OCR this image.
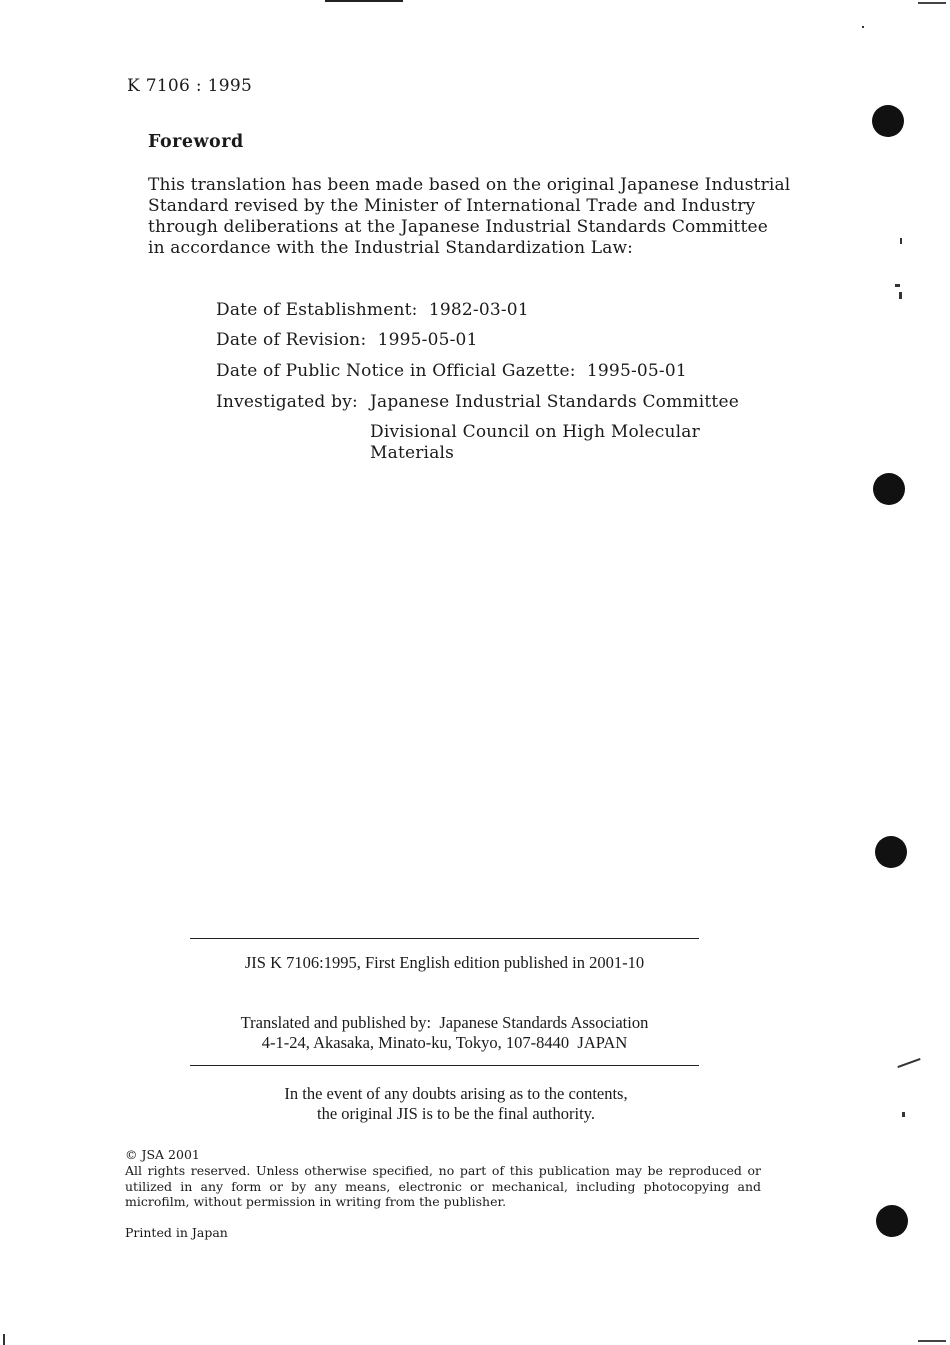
K 7106 : 1995
Foreword
This translation has been made based on the original Japanese Industrial
Standard revised by the Minister of International Trade and Industry
through deliberations at the Japanese Industrial Standards Committee
in accordance with the Industrial Standardization Law:
Date of Establishment:  1982-03-01
Date of Revision:  1995-05-01
Date of Public Notice in Official Gazette:  1995-05-01
Investigated by: Japanese Industrial Standards Committee
Divisional Council on High Molecular
Materials
JIS K 7106:1995, First English edition published in 2001-10
Translated and published by:  Japanese Standards Association
4-1-24, Akasaka, Minato-ku, Tokyo, 107-8440  JAPAN
In the event of any doubts arising as to the contents,
the original JIS is to be the final authority.
© JSA 2001
All rights reserved. Unless otherwise specified, no part of this publication may be reproduced or utilized in any form or by any means, electronic or mechanical, including photocopying and microfilm, without permission in writing from the publisher.
Printed in Japan
